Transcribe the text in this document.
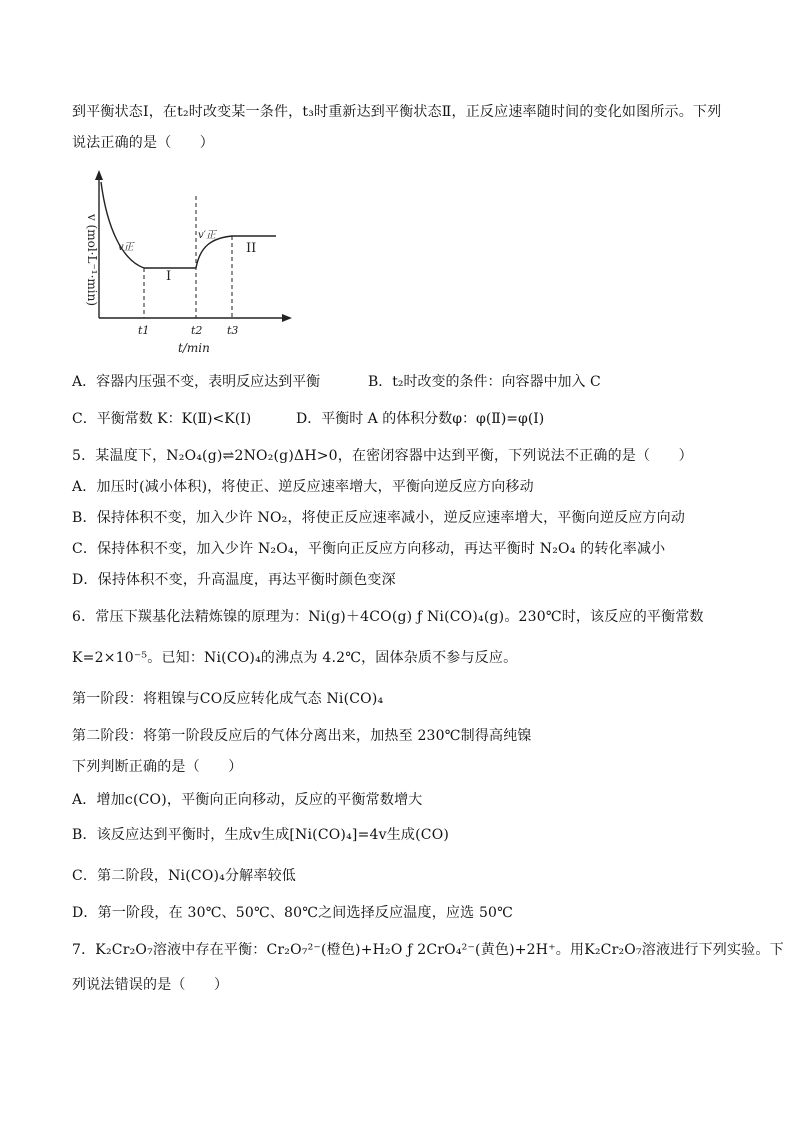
到平衡状态Ⅰ，在t₂时改变某一条件，t₃时重新达到平衡状态Ⅱ，正反应速率随时间的变化如图所示。下列
说法正确的是（　　）
v (mol·L⁻¹·min) v正
v′正
I
II
t1	t2 t3
t/min
A．容器内压强不变，表明反应达到平衡	B．t₂时改变的条件：向容器中加入 C
C．平衡常数 K：K(Ⅱ)<K(Ⅰ)	D．平衡时 A 的体积分数φ：φ(Ⅱ)=φ(Ⅰ)
5．某温度下，N₂O₄(g)⇌2NO₂(g)ΔH>0，在密闭容器中达到平衡，下列说法不正确的是（　　）
A．加压时(减小体积)，将使正、逆反应速率增大，平衡向逆反应方向移动
B．保持体积不变，加入少许 NO₂，将使正反应速率减小，逆反应速率增大，平衡向逆反应方向动
C．保持体积不变，加入少许 N₂O₄，平衡向正反应方向移动，再达平衡时 N₂O₄ 的转化率减小
D．保持体积不变，升高温度，再达平衡时颜色变深
6．常压下羰基化法精炼镍的原理为：Ni(g)＋4CO(g) ƒ Ni(CO)₄(g)。230℃时，该反应的平衡常数
K=2×10⁻⁵。已知：Ni(CO)₄的沸点为 4.2℃，固体杂质不参与反应。
第一阶段：将粗镍与CO反应转化成气态 Ni(CO)₄
第二阶段：将第一阶段反应后的气体分离出来，加热至 230℃制得高纯镍
下列判断正确的是（　　）
A．增加c(CO)，平衡向正向移动，反应的平衡常数增大
B．该反应达到平衡时，生成v生成[Ni(CO)₄]=4v生成(CO)
C．第二阶段，Ni(CO)₄分解率较低
D．第一阶段，在 30℃、50℃、80℃之间选择反应温度，应选 50℃
7．K₂Cr₂O₇溶液中存在平衡：Cr₂O₇²⁻(橙色)+H₂O ƒ 2CrO₄²⁻(黄色)+2H⁺。用K₂Cr₂O₇溶液进行下列实验。下
列说法错误的是（　　）
